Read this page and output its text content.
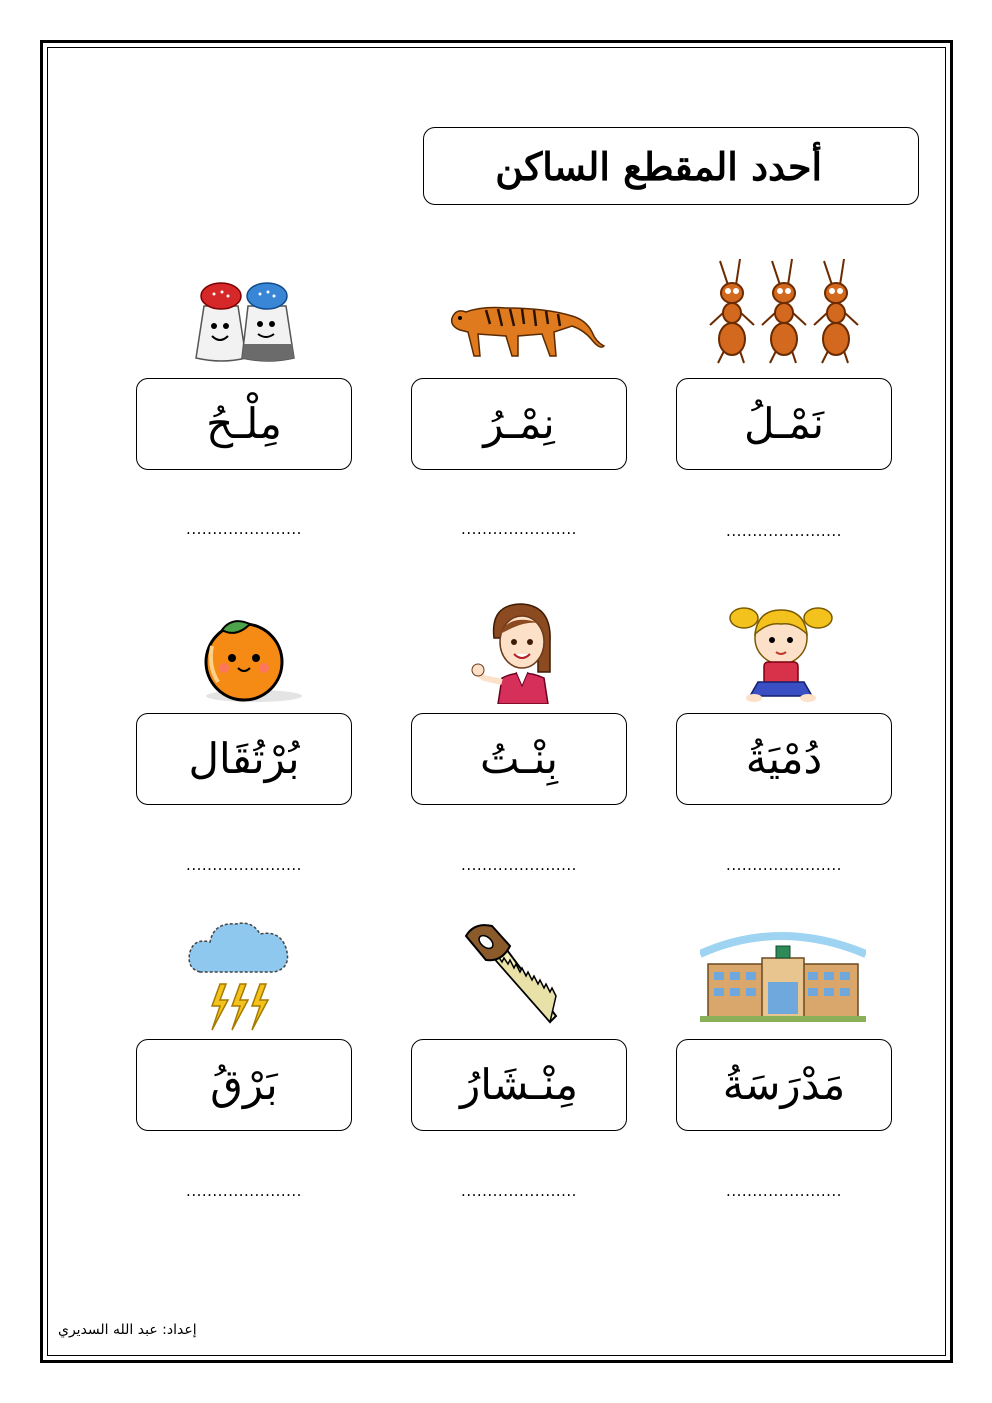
أحدد المقطع الساكن
نَمْـلُ
نِمْـرُ
مِلْـحُ
......................
......................
......................
دُمْيَةُ
بِنْـتُ
بُرْتُقَال
......................
......................
......................
مَدْرَسَةُ
مِنْـشَارُ
بَرْقُ
......................
......................
......................
إعداد: عبد الله السديري
